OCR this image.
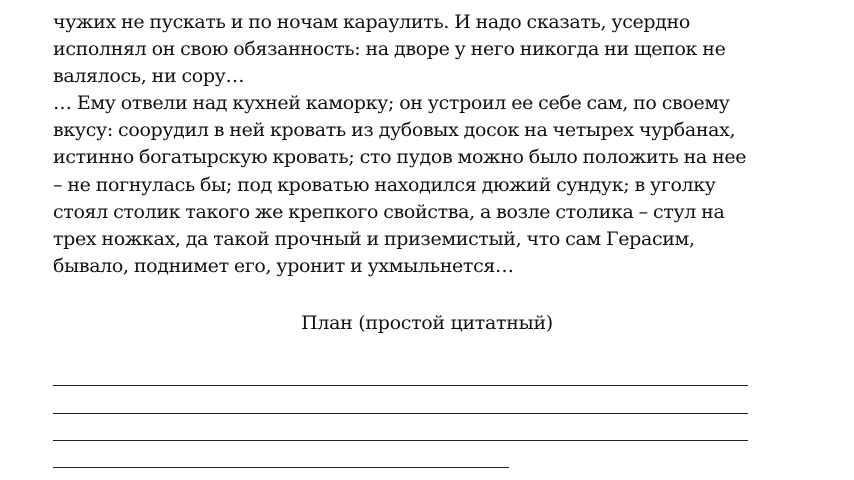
чужих не пускать и по ночам караулить. И надо сказать, усердно
исполнял он свою обязанность: на дворе у него никогда ни щепок не
валялось, ни сору…
… Ему отвели над кухней каморку; он устроил ее себе сам, по своему
вкусу: соорудил в ней кровать из дубовых досок на четырех чурбанах,
истинно богатырскую кровать; сто пудов можно было положить на нее
– не погнулась бы; под кроватью находился дюжий сундук; в уголку
стоял столик такого же крепкого свойства, а возле столика – стул на
трех ножках, да такой прочный и приземистый, что сам Герасим,
бывало, поднимет его, уронит и ухмыльнется…
План (простой цитатный)
